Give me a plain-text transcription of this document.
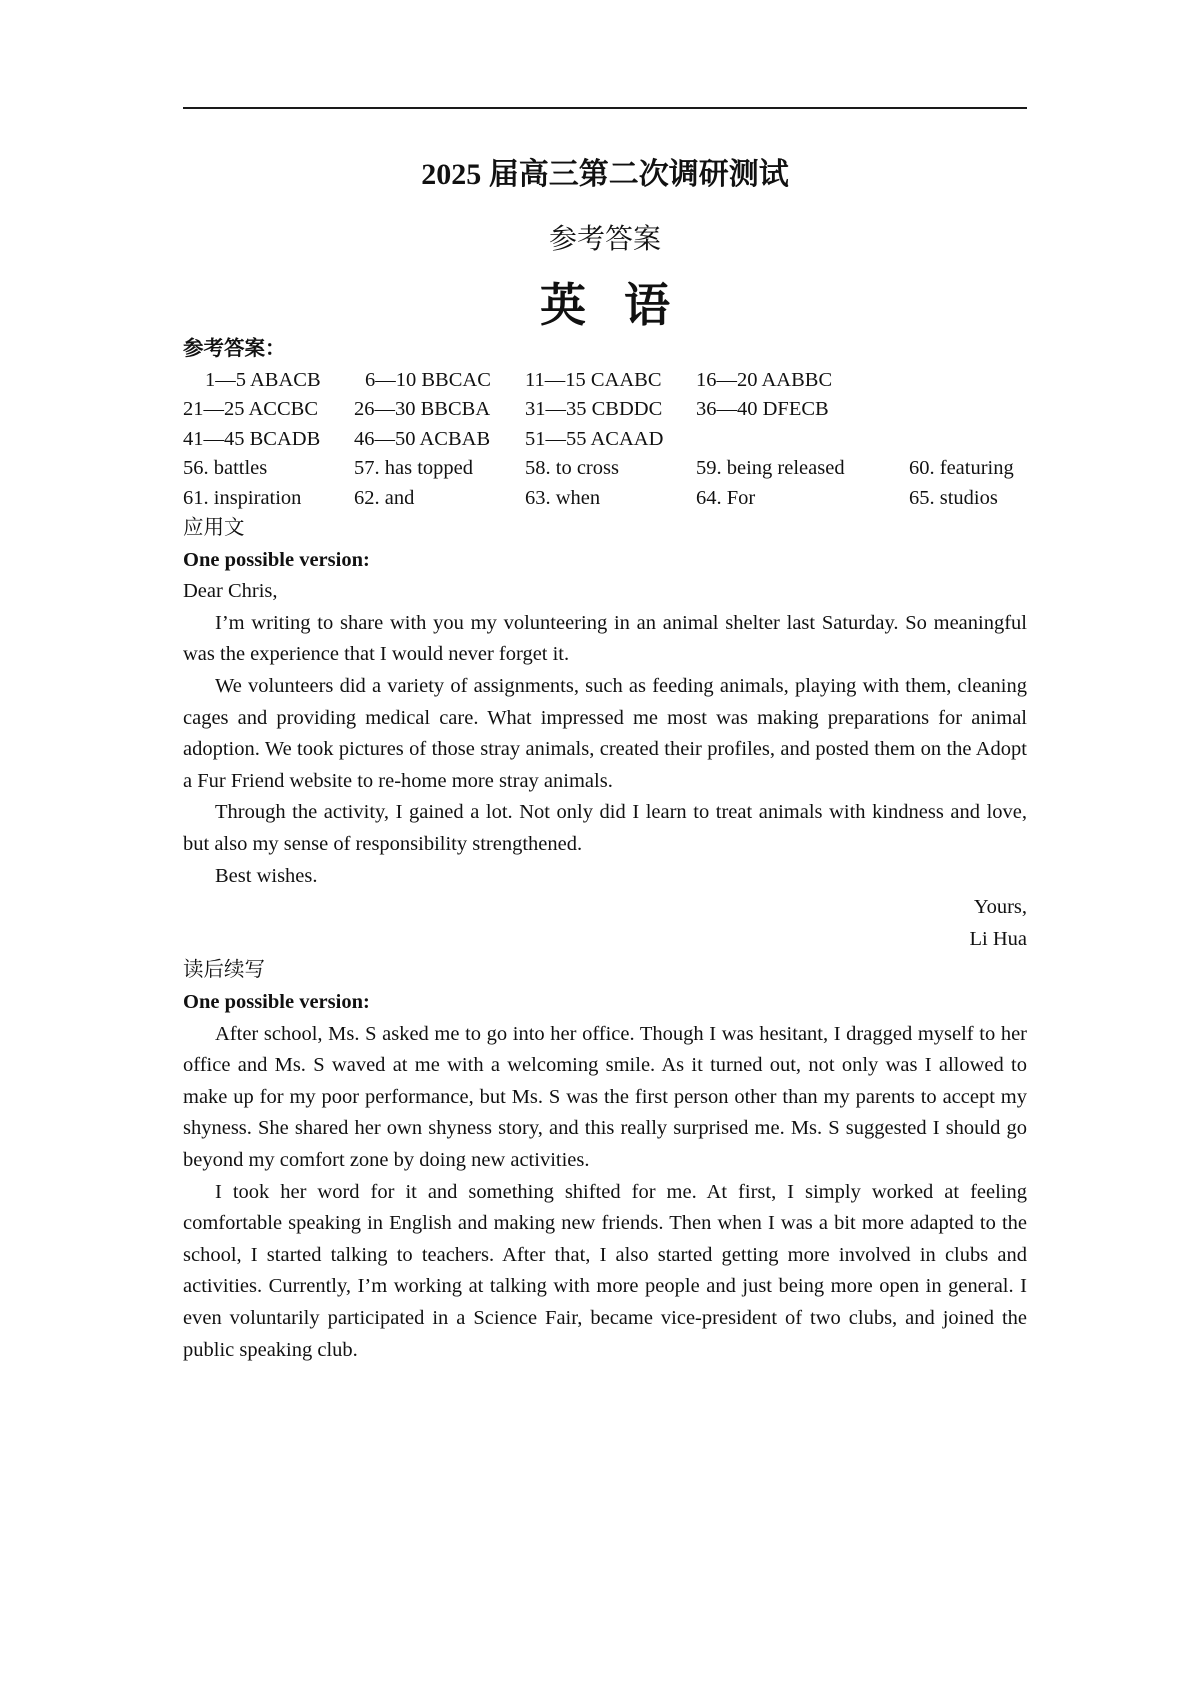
2025 届高三第二次调研测试
参考答案
英语

参考答案：

1—5 ABACB	6—10 BBCAC	11—15 CAABC	16—20 AABBC
21—25 ACCBC	26—30 BBCBA	31—35 CBDDC	36—40 DFECB
41—45 BCADB	46—50 ACBAB	51—55 ACAAD
56. battles	57. has topped	58. to cross	59. being released	60. featuring
61. inspiration	62. and	63. when	64. For	65. studios

应用文

One possible version:

Dear Chris,

I’m writing to share with you my volunteering in an animal shelter last Saturday. So meaningful was the experience that I would never forget it.

We volunteers did a variety of assignments, such as feeding animals, playing with them, cleaning cages and providing medical care. What impressed me most was making preparations for animal adoption. We took pictures of those stray animals, created their profiles, and posted them on the Adopt a Fur Friend website to re-home more stray animals.

Through the activity, I gained a lot. Not only did I learn to treat animals with kindness and love, but also my sense of responsibility strengthened.

Best wishes.

Yours,

Li Hua

读后续写

One possible version:

After school, Ms. S asked me to go into her office. Though I was hesitant, I dragged myself to her office and Ms. S waved at me with a welcoming smile. As it turned out, not only was I allowed to make up for my poor performance, but Ms. S was the first person other than my parents to accept my shyness. She shared her own shyness story, and this really surprised me. Ms. S suggested I should go beyond my comfort zone by doing new activities.

I took her word for it and something shifted for me. At first, I simply worked at feeling comfortable speaking in English and making new friends. Then when I was a bit more adapted to the school, I started talking to teachers. After that, I also started getting more involved in clubs and activities. Currently, I’m working at talking with more people and just being more open in general. I even voluntarily participated in a Science Fair, became vice-president of two clubs, and joined the public speaking club.
